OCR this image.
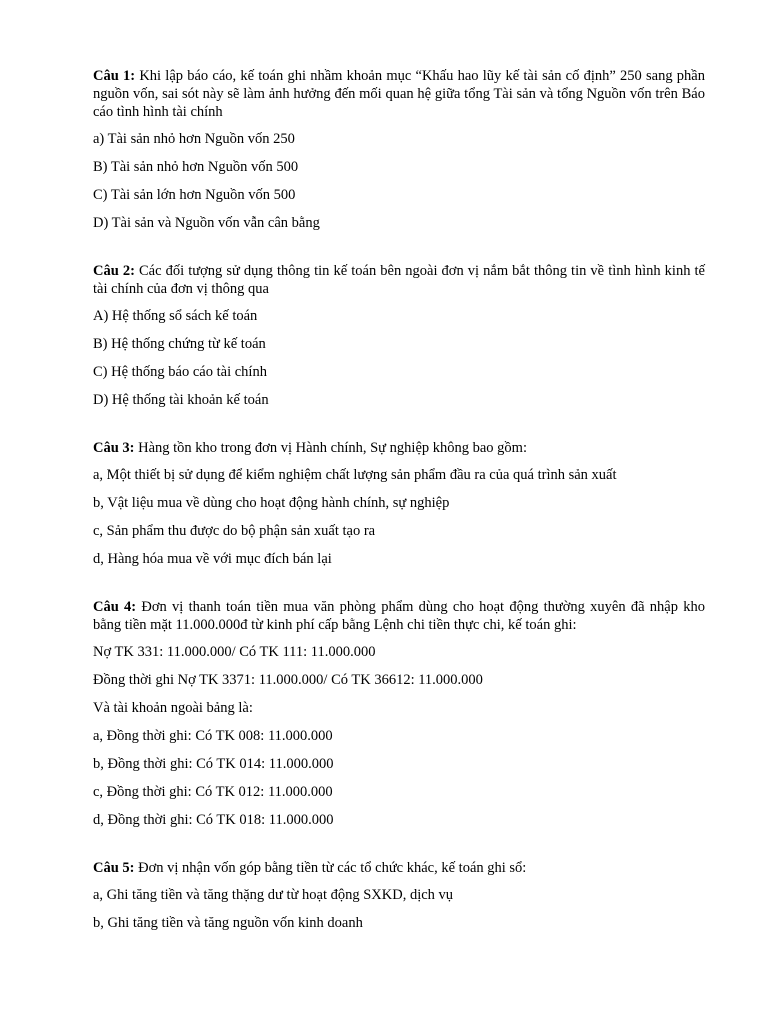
Câu 1: Khi lập báo cáo, kế toán ghi nhầm khoản mục “Khấu hao lũy kế tài sản cố định” 250 sang phần nguồn vốn, sai sót này sẽ làm ảnh hưởng đến mối quan hệ giữa tổng Tài sản và tổng Nguồn vốn trên Báo cáo tình hình tài chính

a) Tài sản nhỏ hơn Nguồn vốn 250

B) Tài sản nhỏ hơn Nguồn vốn 500

C) Tài sản lớn hơn Nguồn vốn 500

D) Tài sản và Nguồn vốn vẫn cân bằng

Câu 2: Các đối tượng sử dụng thông tin kế toán bên ngoài đơn vị nắm bắt thông tin về tình hình kinh tế tài chính của đơn vị thông qua

A) Hệ thống sổ sách kế toán

B) Hệ thống chứng từ kế toán

C) Hệ thống báo cáo tài chính

D) Hệ thống tài khoản kế toán

Câu 3: Hàng tồn kho trong đơn vị Hành chính, Sự nghiệp không bao gồm:

a, Một thiết bị sử dụng để kiểm nghiệm chất lượng sản phẩm đầu ra của quá trình sản xuất

b, Vật liệu mua về dùng cho hoạt động hành chính, sự nghiệp

c, Sản phẩm thu được do bộ phận sản xuất tạo ra

d, Hàng hóa mua về với mục đích bán lại

Câu 4: Đơn vị thanh toán tiền mua văn phòng phẩm dùng cho hoạt động thường xuyên đã nhập kho bằng tiền mặt 11.000.000đ từ kinh phí cấp bằng Lệnh chi tiền thực chi, kế toán ghi:

Nợ TK 331: 11.000.000/ Có TK 111: 11.000.000

Đồng thời ghi Nợ TK 3371: 11.000.000/ Có TK 36612: 11.000.000

Và tài khoản ngoài bảng là:

a, Đồng thời ghi: Có TK 008: 11.000.000

b, Đồng thời ghi: Có TK 014: 11.000.000

c, Đồng thời ghi: Có TK 012: 11.000.000

d, Đồng thời ghi: Có TK 018: 11.000.000

Câu 5: Đơn vị nhận vốn góp bằng tiền từ các tổ chức khác, kế toán ghi sổ:

a, Ghi tăng tiền và tăng thặng dư từ hoạt động SXKD, dịch vụ

b, Ghi tăng tiền và tăng nguồn vốn kinh doanh
